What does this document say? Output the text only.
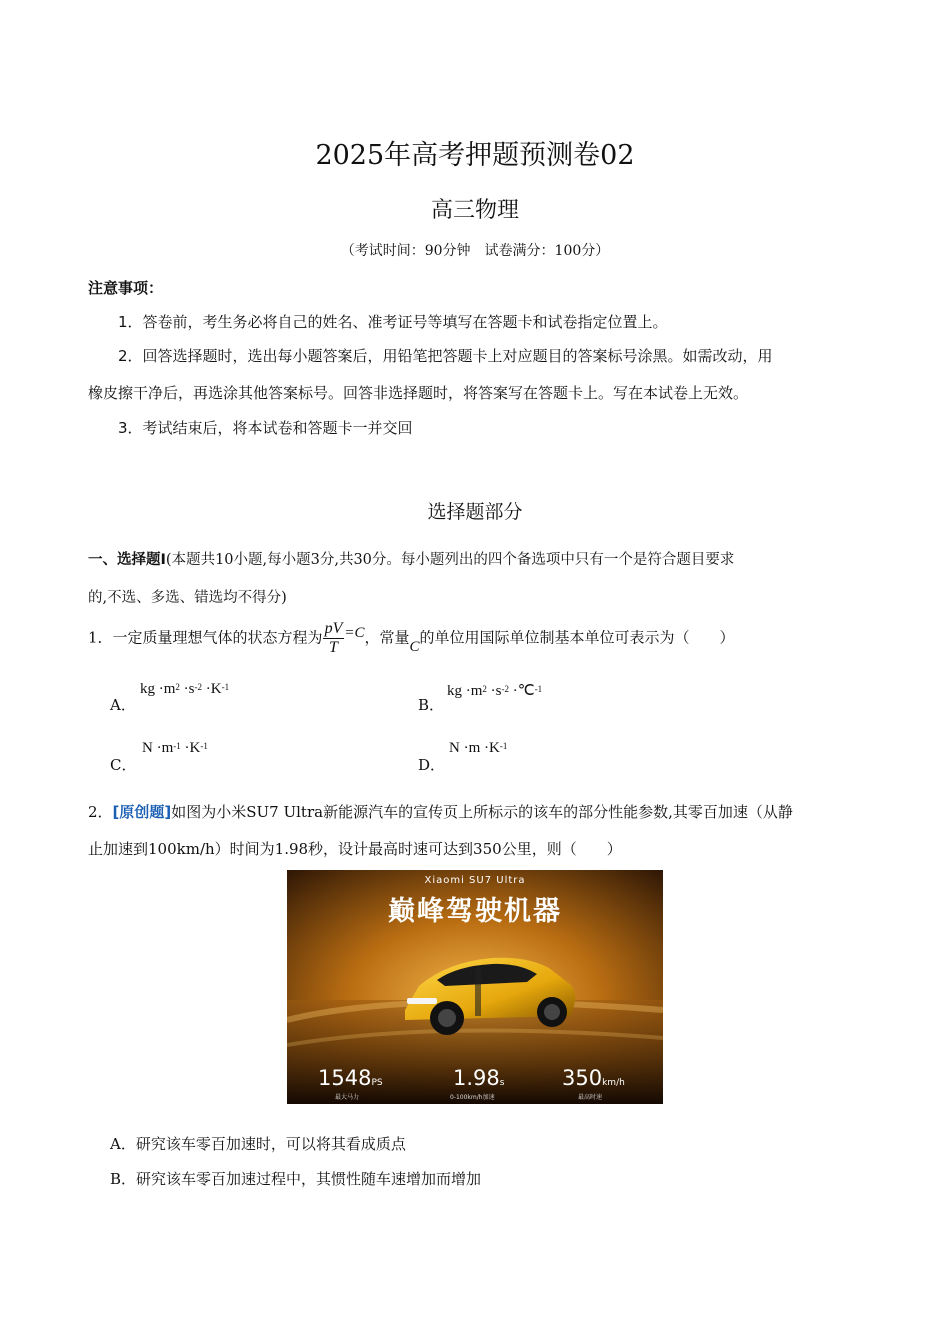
2025年高考押题预测卷02
高三物理
（考试时间：90分钟　试卷满分：100分）
注意事项：
1．答卷前，考生务必将自己的姓名、准考证号等填写在答题卡和试卷指定位置上。
2．回答选择题时，选出每小题答案后，用铅笔把答题卡上对应题目的答案标号涂黑。如需改动，用
橡皮擦干净后，再选涂其他答案标号。回答非选择题时，将答案写在答题卡上。写在本试卷上无效。
3．考试结束后，将本试卷和答题卡一并交回
选择题部分
一、选择题Ⅰ(本题共10小题,每小题3分,共30分。每小题列出的四个备选项中只有一个是符合题目要求
的,不选、多选、错选均不得分)
1．一定质量理想气体的状态方程为 $\frac{pV}{T} =C$，常量C的单位用国际单位制基本单位可表示为（　　）
A．
kg $\cdot m^2 \cdot s^{-2} \cdot K^{-1}$
B．
kg $\cdot m^2 \cdot s^{-2}$ ·℃$^{-1}$
C．
$N \cdot m^{-1} \cdot K^{-1}$
D．
$N \cdot m \cdot K^{-1}$
2．[原创题]如图为小米SU7 Ultra新能源汽车的宣传页上所标示的该车的部分性能参数,其零百加速（从静
止加速到100km/h）时间为1.98秒，设计最高时速可达到350公里，则（　　）
Xiaomi SU7 Ultra
巅峰驾驶机器
1548PS
最大马力
1.98s
0-100km/h加速
350km/h
最高时速
A．研究该车零百加速时，可以将其看成质点
B．研究该车零百加速过程中，其惯性随车速增加而增加
